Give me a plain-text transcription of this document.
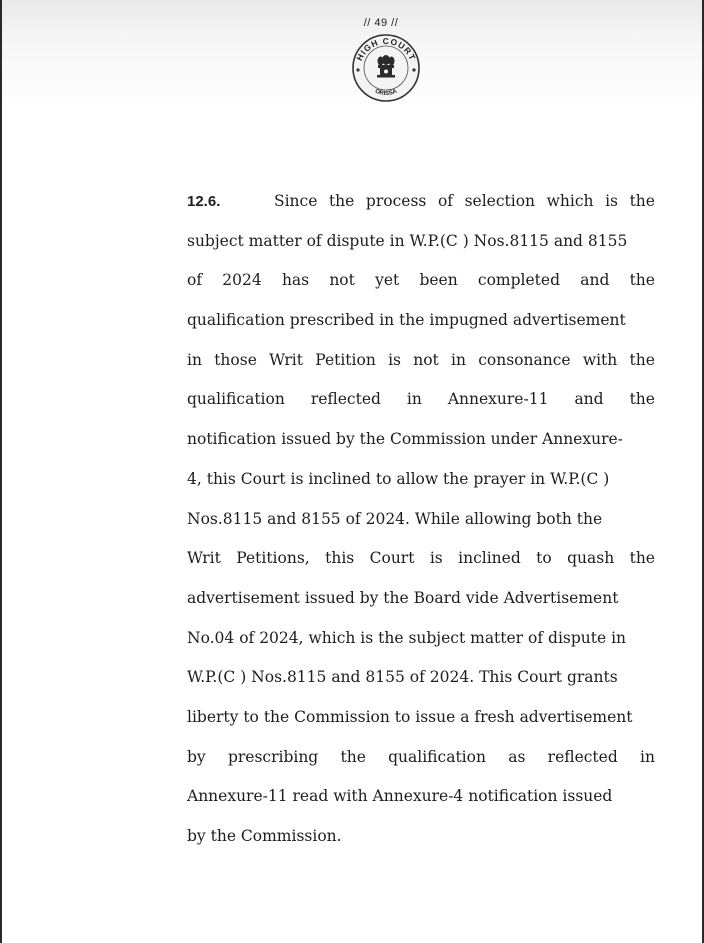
// 49 //
HIGH COURT
ORISSA
12.6.	Since the process of selection which is the
subject matter of dispute in W.P.(C ) Nos.8115 and 8155
of 2024 has not yet been completed and the
qualification prescribed in the impugned advertisement
in those Writ Petition is not in consonance with the
qualification reflected in Annexure-11 and the
notification issued by the Commission under Annexure-
4, this Court is inclined to allow the prayer in W.P.(C )
Nos.8115 and 8155 of 2024. While allowing both the
Writ Petitions, this Court is inclined to quash the
advertisement issued by the Board vide Advertisement
No.04 of 2024, which is the subject matter of dispute in
W.P.(C ) Nos.8115 and 8155 of 2024. This Court grants
liberty to the Commission to issue a fresh advertisement
by prescribing the qualification as reflected in
Annexure-11 read with Annexure-4 notification issued
by the Commission.
